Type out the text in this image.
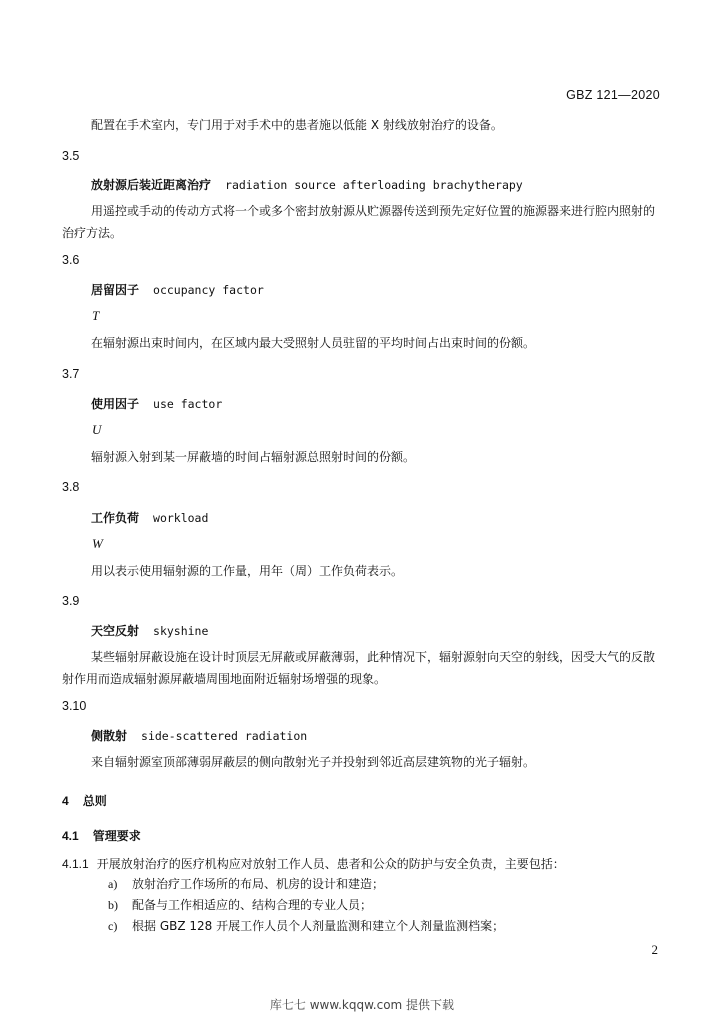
GBZ 121—2020
配置在手术室内，专门用于对手术中的患者施以低能 X 射线放射治疗的设备。
3.5
放射源后装近距离治疗 radiation source afterloading brachytherapy
用遥控或手动的传动方式将一个或多个密封放射源从贮源器传送到预先定好位置的施源器来进行腔内照射的治疗方法。
3.6
居留因子 occupancy factor
T
在辐射源出束时间内，在区域内最大受照射人员驻留的平均时间占出束时间的份额。
3.7
使用因子 use factor
U
辐射源入射到某一屏蔽墙的时间占辐射源总照射时间的份额。
3.8
工作负荷 workload
W
用以表示使用辐射源的工作量，用年（周）工作负荷表示。
3.9
天空反射 skyshine
某些辐射屏蔽设施在设计时顶层无屏蔽或屏蔽薄弱，此种情况下，辐射源射向天空的射线，因受大气的反散射作用而造成辐射源屏蔽墙周围地面附近辐射场增强的现象。
3.10
侧散射 side-scattered radiation
来自辐射源室顶部薄弱屏蔽层的侧向散射光子并投射到邻近高层建筑物的光子辐射。
4 总则
4.1 管理要求
4.1.1 开展放射治疗的医疗机构应对放射工作人员、患者和公众的防护与安全负责，主要包括：
a) 放射治疗工作场所的布局、机房的设计和建造；
b) 配备与工作相适应的、结构合理的专业人员；
c) 根据 GBZ 128 开展工作人员个人剂量监测和建立个人剂量监测档案；
2
库七七 www.kqqw.com 提供下载
